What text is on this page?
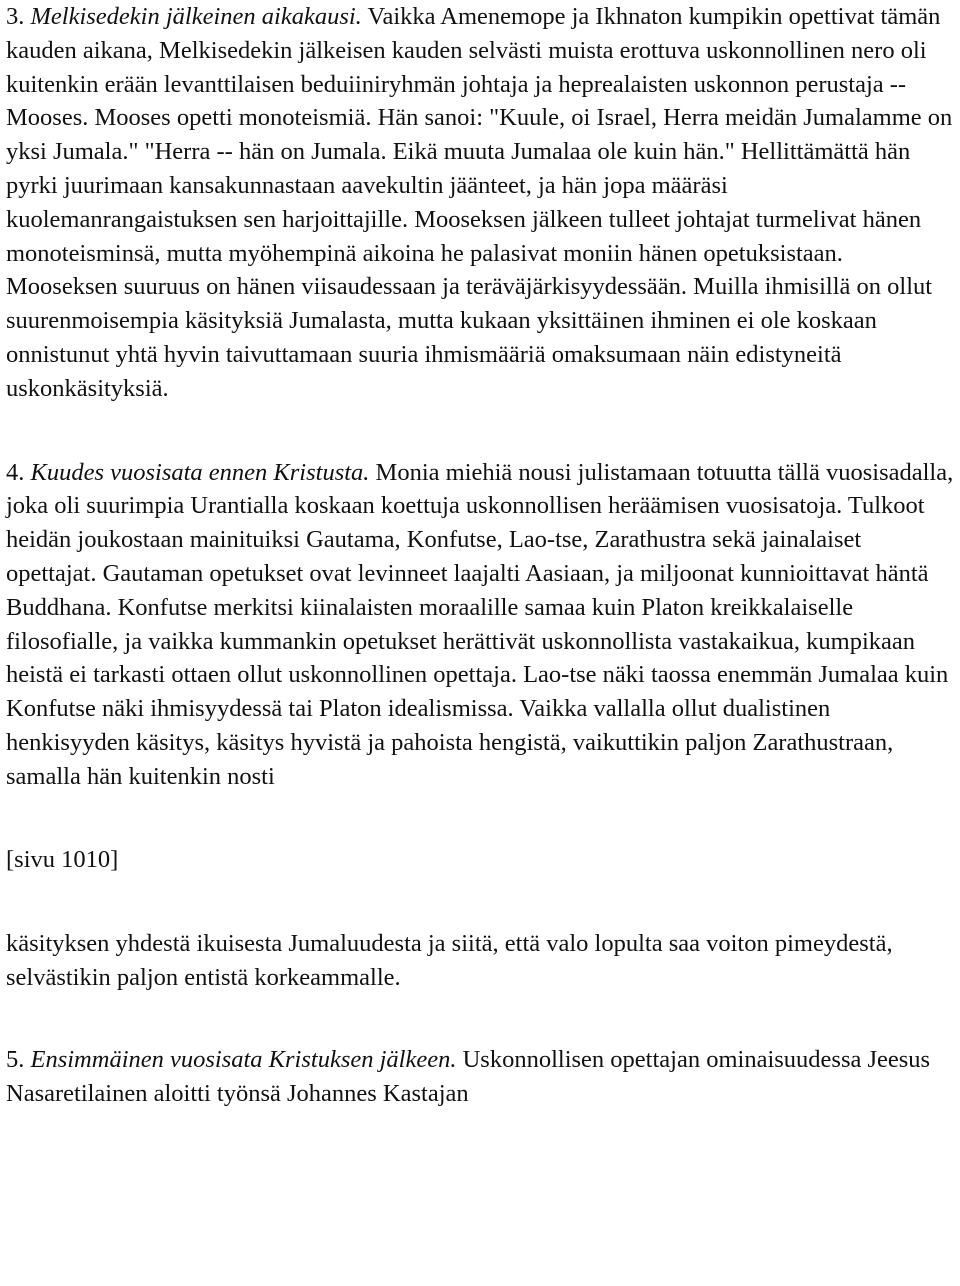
3. Melkisedekin jälkeinen aikakausi. Vaikka Amenemope ja Ikhnaton kumpikin opettivat tämän kauden aikana, Melkisedekin jälkeisen kauden selvästi muista erottuva uskonnollinen nero oli kuitenkin erään levanttilaisen beduiiniryhmän johtaja ja heprealaisten uskonnon perustaja -- Mooses. Mooses opetti monoteismiä. Hän sanoi: "Kuule, oi Israel, Herra meidän Jumalamme on yksi Jumala." "Herra -- hän on Jumala. Eikä muuta Jumalaa ole kuin hän." Hellittämättä hän pyrki juurimaan kansakunnastaan aavekultin jäänteet, ja hän jopa määräsi kuolemanrangaistuksen sen harjoittajille. Mooseksen jälkeen tulleet johtajat turmelivat hänen monoteisminsä, mutta myöhempinä aikoina he palasivat moniin hänen opetuksistaan. Mooseksen suuruus on hänen viisaudessaan ja teräväjärkisyydessään. Muilla ihmisillä on ollut suurenmoisempia käsityksiä Jumalasta, mutta kukaan yksittäinen ihminen ei ole koskaan onnistunut yhtä hyvin taivuttamaan suuria ihmismääriä omaksumaan näin edistyneitä uskonkäsityksiä.

4. Kuudes vuosisata ennen Kristusta. Monia miehiä nousi julistamaan totuutta tällä vuosisadalla, joka oli suurimpia Urantialla koskaan koettuja uskonnollisen heräämisen vuosisatoja. Tulkoot heidän joukostaan mainituiksi Gautama, Konfutse, Lao-tse, Zarathustra sekä jainalaiset opettajat. Gautaman opetukset ovat levinneet laajalti Aasiaan, ja miljoonat kunnioittavat häntä Buddhana. Konfutse merkitsi kiinalaisten moraalille samaa kuin Platon kreikkalaiselle filosofialle, ja vaikka kummankin opetukset herättivät uskonnollista vastakaikua, kumpikaan heistä ei tarkasti ottaen ollut uskonnollinen opettaja. Lao-tse näki taossa enemmän Jumalaa kuin Konfutse näki ihmisyydessä tai Platon idealismissa. Vaikka vallalla ollut dualistinen henkisyyden käsitys, käsitys hyvistä ja pahoista hengistä, vaikuttikin paljon Zarathustraan, samalla hän kuitenkin nosti

[sivu 1010]

käsityksen yhdestä ikuisesta Jumaluudesta ja siitä, että valo lopulta saa voiton pimeydestä, selvästikin paljon entistä korkeammalle.

5. Ensimmäinen vuosisata Kristuksen jälkeen. Uskonnollisen opettajan ominaisuudessa Jeesus Nasaretilainen aloitti työnsä Johannes Kastajan
